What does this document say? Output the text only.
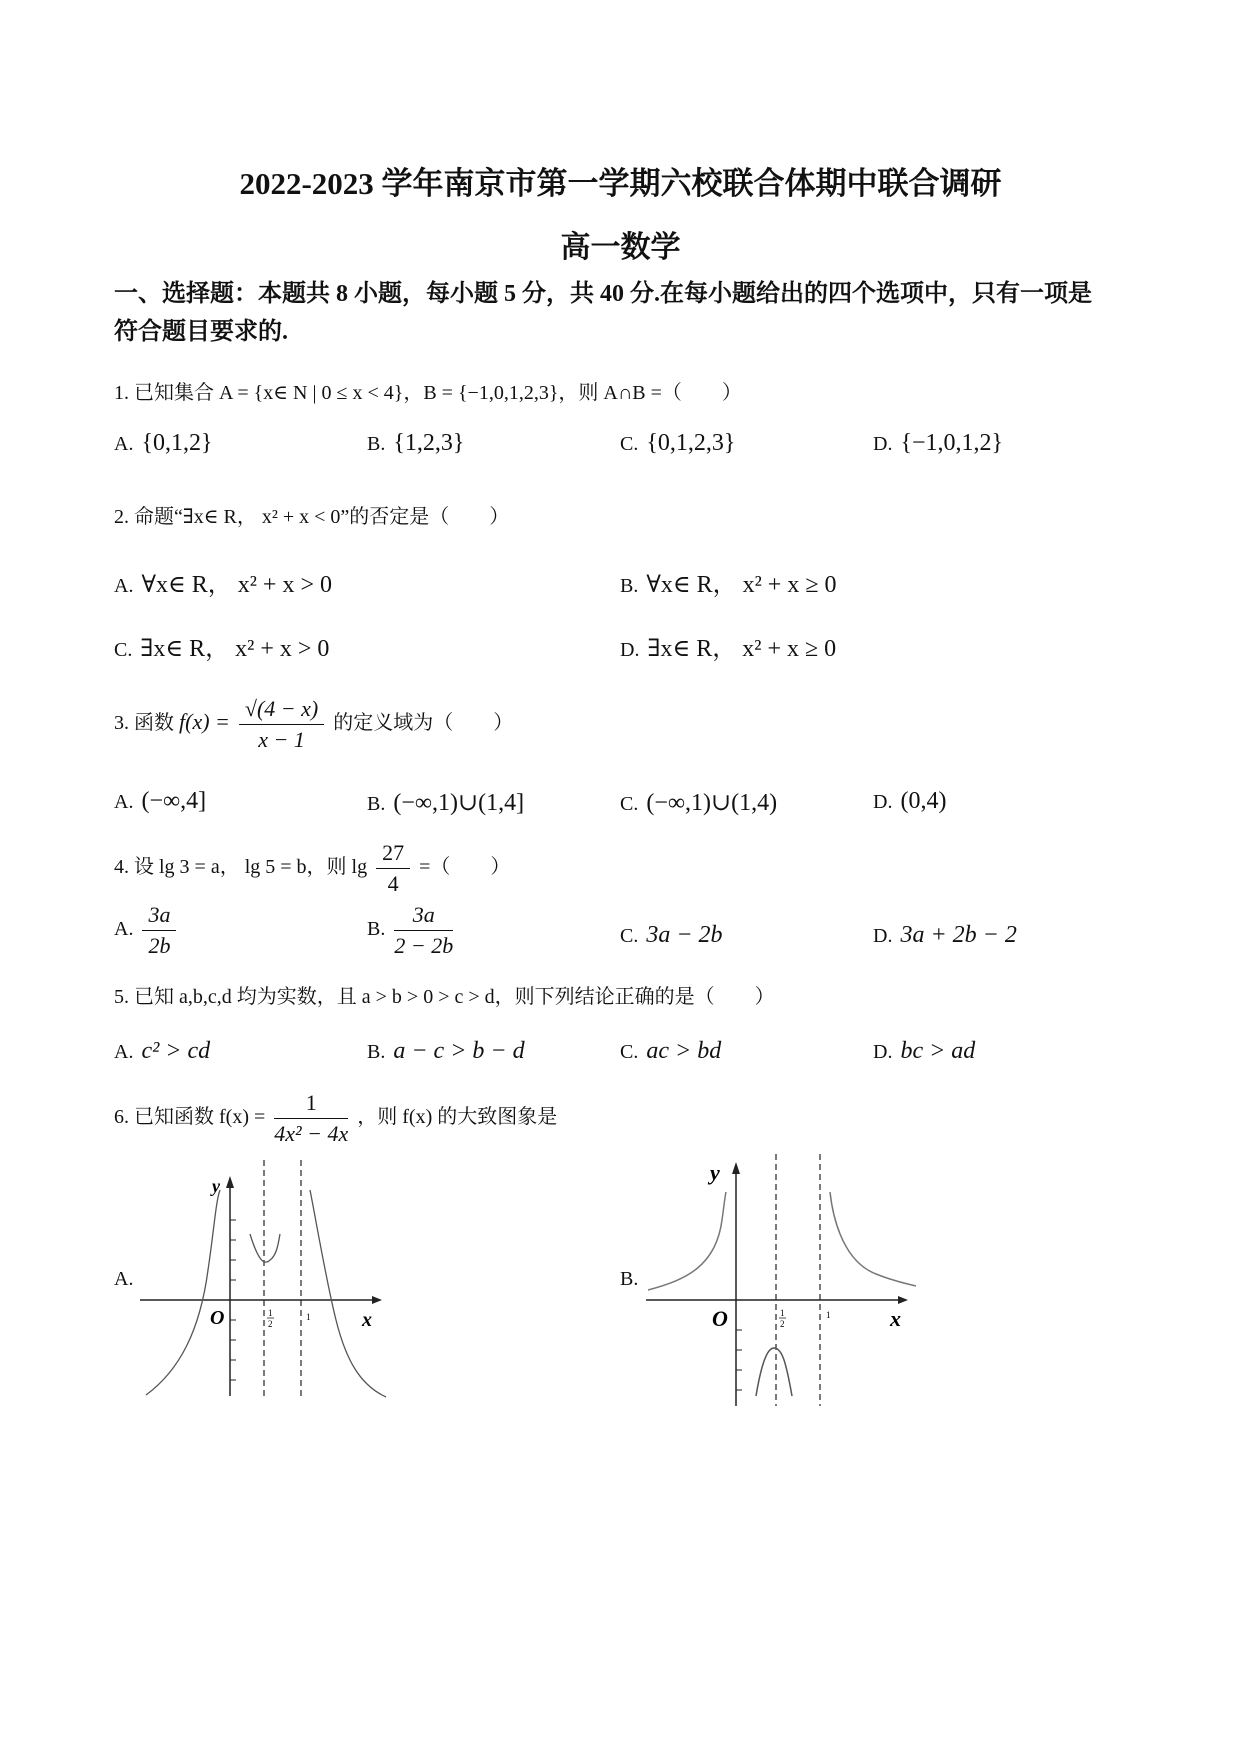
2022-2023 学年南京市第一学期六校联合体期中联合调研
高一数学
一、选择题：本题共 8 小题，每小题 5 分，共 40 分.在每小题给出的四个选项中，只有一项是
符合题目要求的.
1. 已知集合 A = {x∈ N | 0 ≤ x < 4}，B = {−1,0,1,2,3}，则 A∩B =（　　）
A. {0,1,2}	B. {1,2,3}	C. {0,1,2,3}	D. {−1,0,1,2}
2. 命题“∃x∈ R， x² + x < 0”的否定是（　　）
A. ∀x∈ R， x² + x > 0	B. ∀x∈ R， x² + x ≥ 0
C. ∃x∈ R， x² + x > 0	D. ∃x∈ R， x² + x ≥ 0
3. 函数 $f(x) = \frac{√(4 - x)}{x - 1}$ 的定义域为（　　）
A. (−∞,4]	B. (−∞,1)∪(1,4]	C. (−∞,1)∪(1,4)	D. (0,4)
4. 设 lg 3 = a， lg 5 = b，则 $\lg \frac{27}{4}$ =（　　）
A. $\frac{3a}{2b}$	B. $\frac{3a}{2 - 2b}$	C. 3a − 2b	D. 3a + 2b − 2
5. 已知 a,b,c,d 均为实数，且 a > b > 0 > c > d，则下列结论正确的是（　　）
A. c² > cd	B. a − c > b − d	C. ac > bd	D. bc > ad
6. 已知函数 $f(x) = \frac{1}{\text{4x² − 4x}}$ ，则 f(x) 的大致图象是
A.
y
x
O	1
2
1
B.
y
x
O	1
2
1
